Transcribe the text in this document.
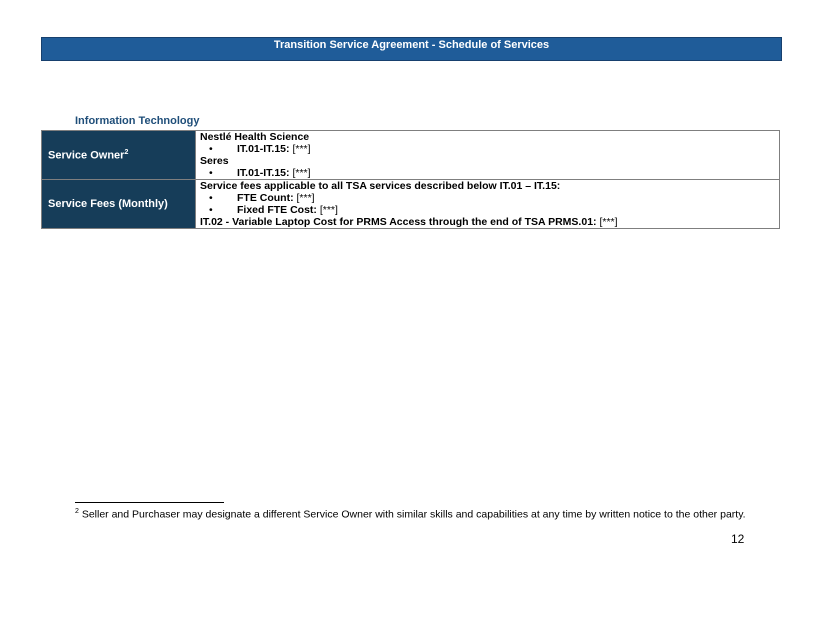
Transition Service Agreement - Schedule of Services
Information Technology
Service Owner$^2$	Nestlé Health Science
• IT.01-IT.15: [***]
Seres
• IT.01-IT.15: [***]

Service Fees (Monthly)	Service fees applicable to all TSA services described below IT.01 – IT.15:
• FTE Count: [***]
• Fixed FTE Cost: [***]
IT.02 - Variable Laptop Cost for PRMS Access through the end of TSA PRMS.01: [***]
$^2$ Seller and Purchaser may designate a different Service Owner with similar skills and capabilities at any time by written notice to the other party.
12
